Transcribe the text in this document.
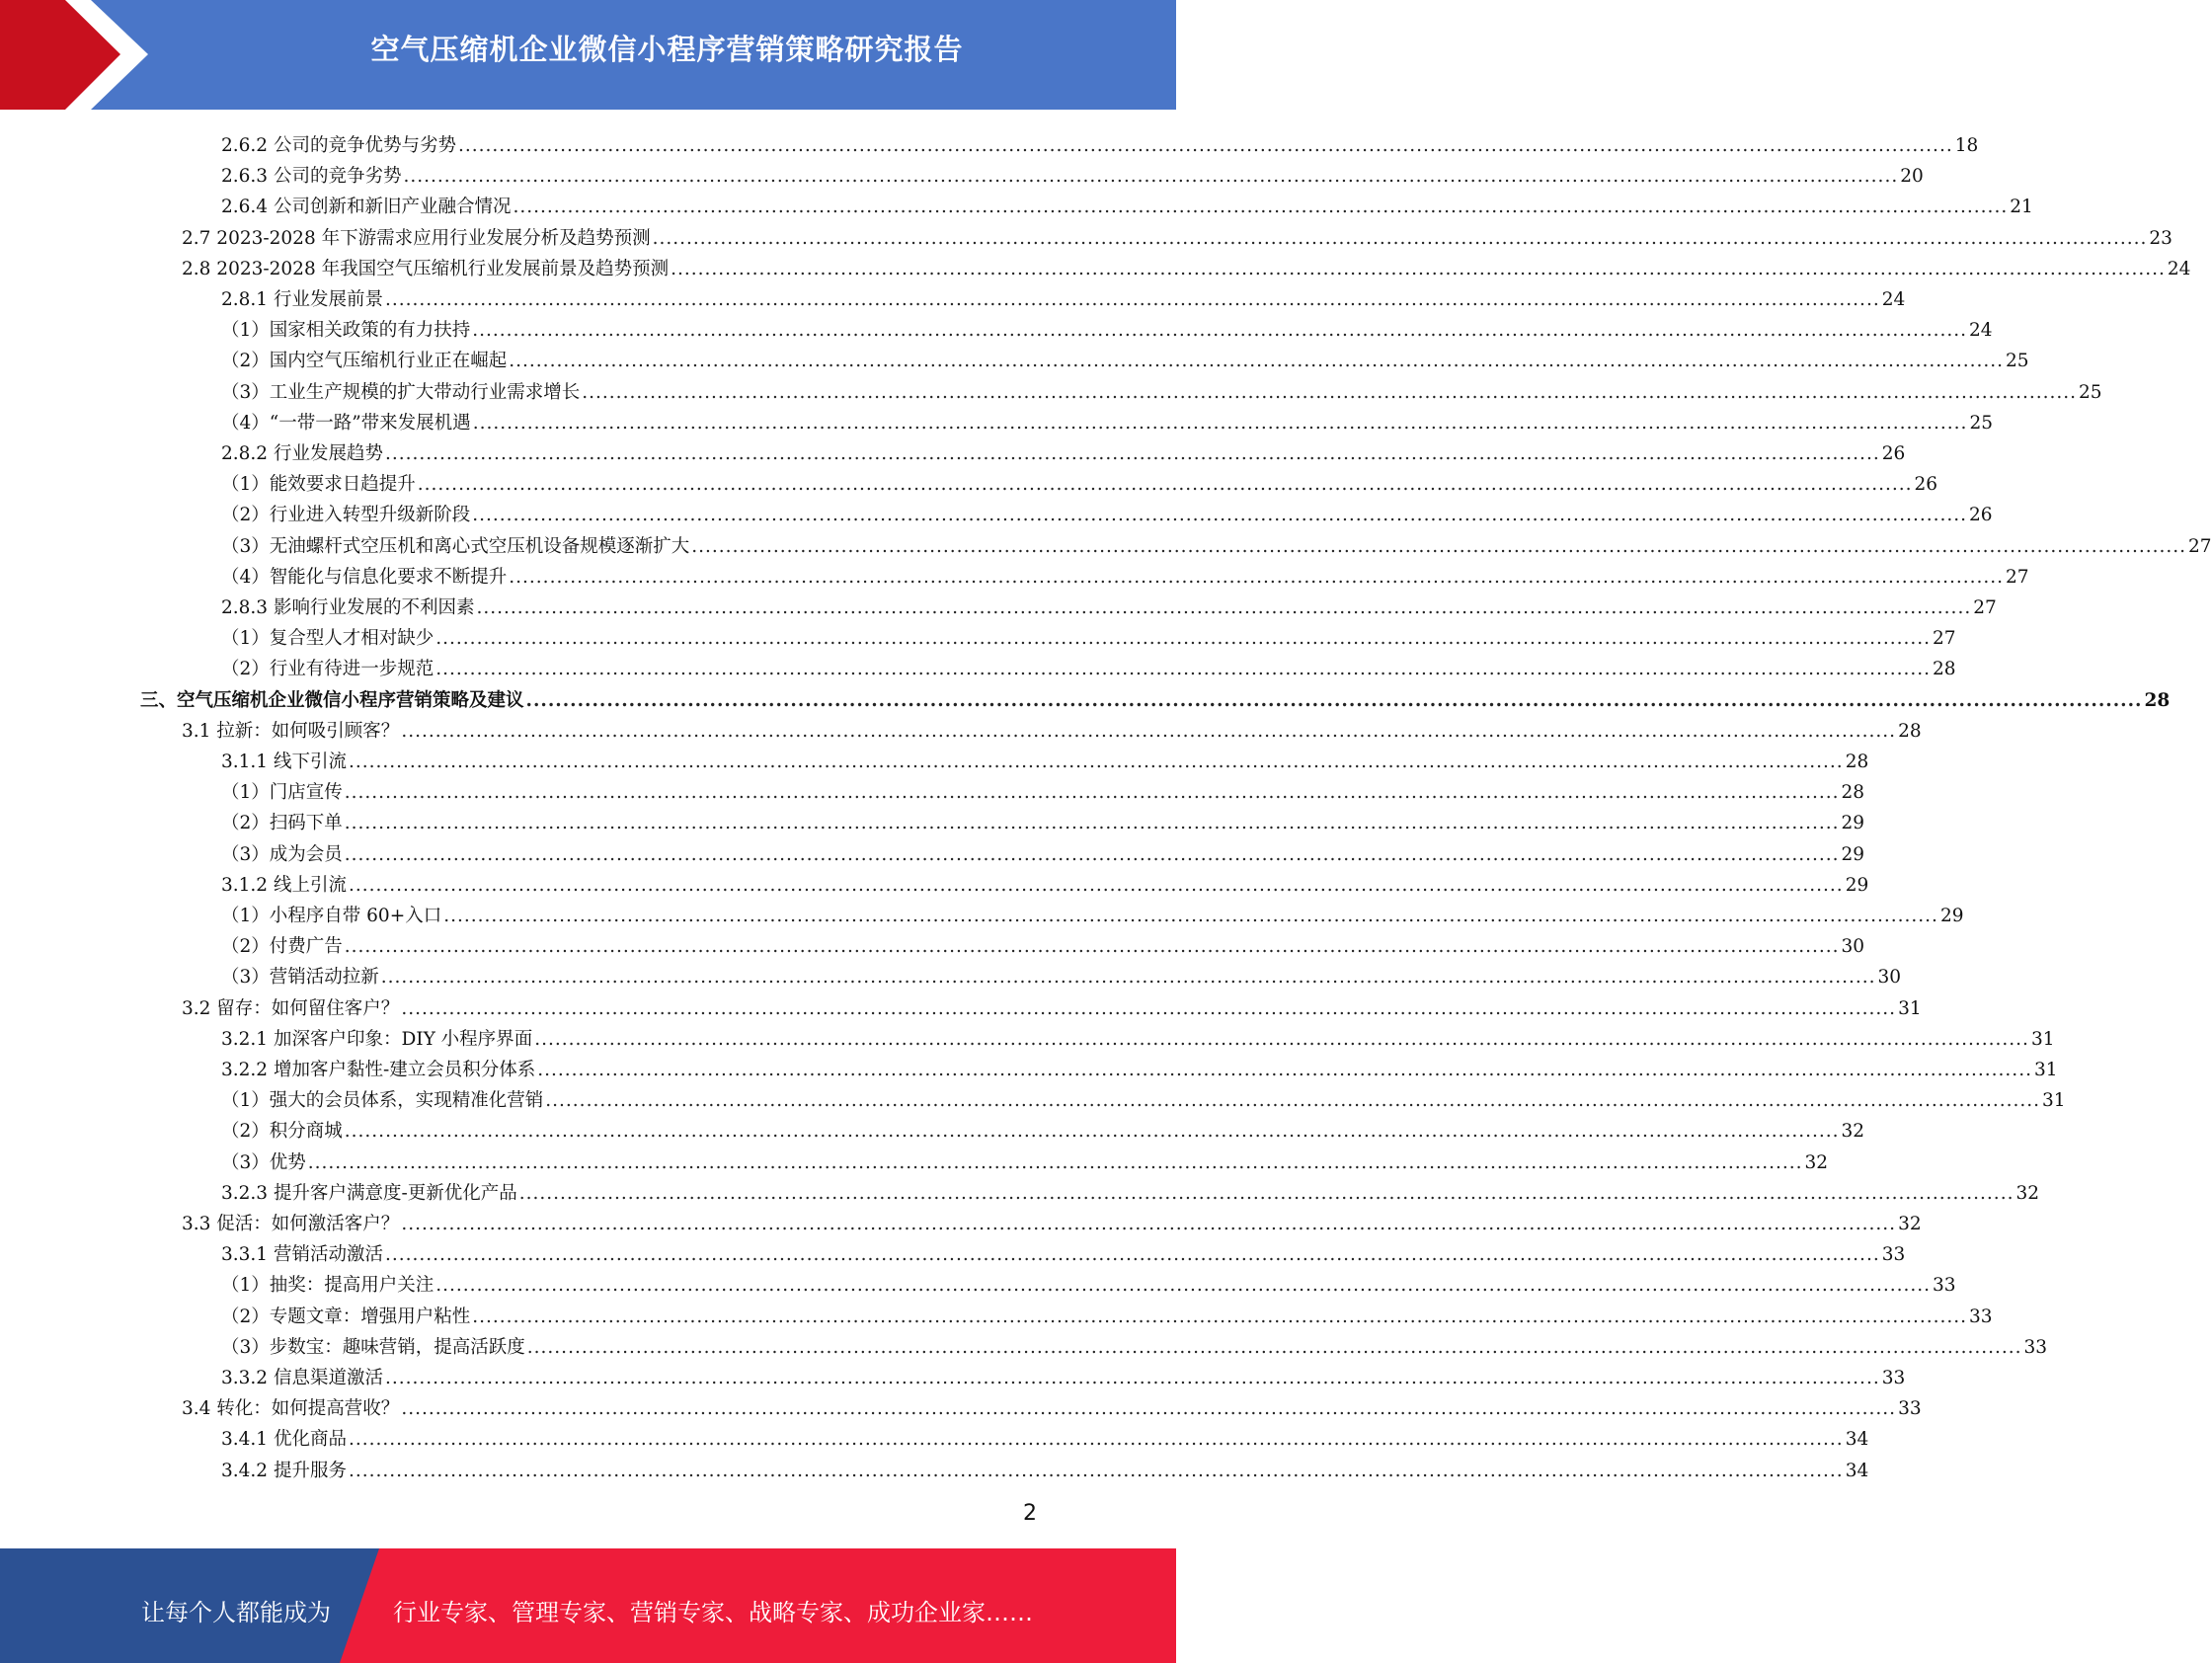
空气压缩机企业微信小程序营销策略研究报告
2.6.2 公司的竞争优势与劣势 ............................................................................................................................................................................................................................ 18
2.6.3 公司的竞争劣势 ............................................................................................................................................................................................................................ 20
2.6.4 公司创新和新旧产业融合情况 ............................................................................................................................................................................................................................ 21
2.7 2023-2028 年下游需求应用行业发展分析及趋势预测 ............................................................................................................................................................................................................................ 23
2.8 2023-2028 年我国空气压缩机行业发展前景及趋势预测 ............................................................................................................................................................................................................................ 24
2.8.1 行业发展前景 ............................................................................................................................................................................................................................ 24
（1）国家相关政策的有力扶持 ............................................................................................................................................................................................................................ 24
（2）国内空气压缩机行业正在崛起 ............................................................................................................................................................................................................................ 25
（3）工业生产规模的扩大带动行业需求增长 ............................................................................................................................................................................................................................ 25
（4）“一带一路”带来发展机遇 ............................................................................................................................................................................................................................ 25
2.8.2 行业发展趋势 ............................................................................................................................................................................................................................ 26
（1）能效要求日趋提升 ............................................................................................................................................................................................................................ 26
（2）行业进入转型升级新阶段 ............................................................................................................................................................................................................................ 26
（3）无油螺杆式空压机和离心式空压机设备规模逐渐扩大 ............................................................................................................................................................................................................................ 27
（4）智能化与信息化要求不断提升 ............................................................................................................................................................................................................................ 27
2.8.3 影响行业发展的不利因素 ............................................................................................................................................................................................................................ 27
（1）复合型人才相对缺少 ............................................................................................................................................................................................................................ 27
（2）行业有待进一步规范 ............................................................................................................................................................................................................................ 28
三、空气压缩机企业微信小程序营销策略及建议 ............................................................................................................................................................................................................................ 28
3.1 拉新：如何吸引顾客？ ............................................................................................................................................................................................................................ 28
3.1.1 线下引流 ............................................................................................................................................................................................................................ 28
（1）门店宣传 ............................................................................................................................................................................................................................ 28
（2）扫码下单 ............................................................................................................................................................................................................................ 29
（3）成为会员 ............................................................................................................................................................................................................................ 29
3.1.2 线上引流 ............................................................................................................................................................................................................................ 29
（1）小程序自带 60+入口 ............................................................................................................................................................................................................................ 29
（2）付费广告 ............................................................................................................................................................................................................................ 30
（3）营销活动拉新 ............................................................................................................................................................................................................................ 30
3.2 留存：如何留住客户？ ............................................................................................................................................................................................................................ 31
3.2.1 加深客户印象：DIY 小程序界面 ............................................................................................................................................................................................................................ 31
3.2.2 增加客户黏性-建立会员积分体系 ............................................................................................................................................................................................................................ 31
（1）强大的会员体系，实现精准化营销 ............................................................................................................................................................................................................................ 31
（2）积分商城 ............................................................................................................................................................................................................................ 32
（3）优势 ............................................................................................................................................................................................................................ 32
3.2.3 提升客户满意度-更新优化产品 ............................................................................................................................................................................................................................ 32
3.3 促活：如何激活客户？ ............................................................................................................................................................................................................................ 32
3.3.1 营销活动激活 ............................................................................................................................................................................................................................ 33
（1）抽奖：提高用户关注 ............................................................................................................................................................................................................................ 33
（2）专题文章：增强用户粘性 ............................................................................................................................................................................................................................ 33
（3）步数宝：趣味营销，提高活跃度 ............................................................................................................................................................................................................................ 33
3.3.2 信息渠道激活 ............................................................................................................................................................................................................................ 33
3.4 转化：如何提高营收？ ............................................................................................................................................................................................................................ 33
3.4.1 优化商品 ............................................................................................................................................................................................................................ 34
3.4.2 提升服务 ............................................................................................................................................................................................................................ 34
2
让每个人都能成为	行业专家、管理专家、营销专家、战略专家、成功企业家……
